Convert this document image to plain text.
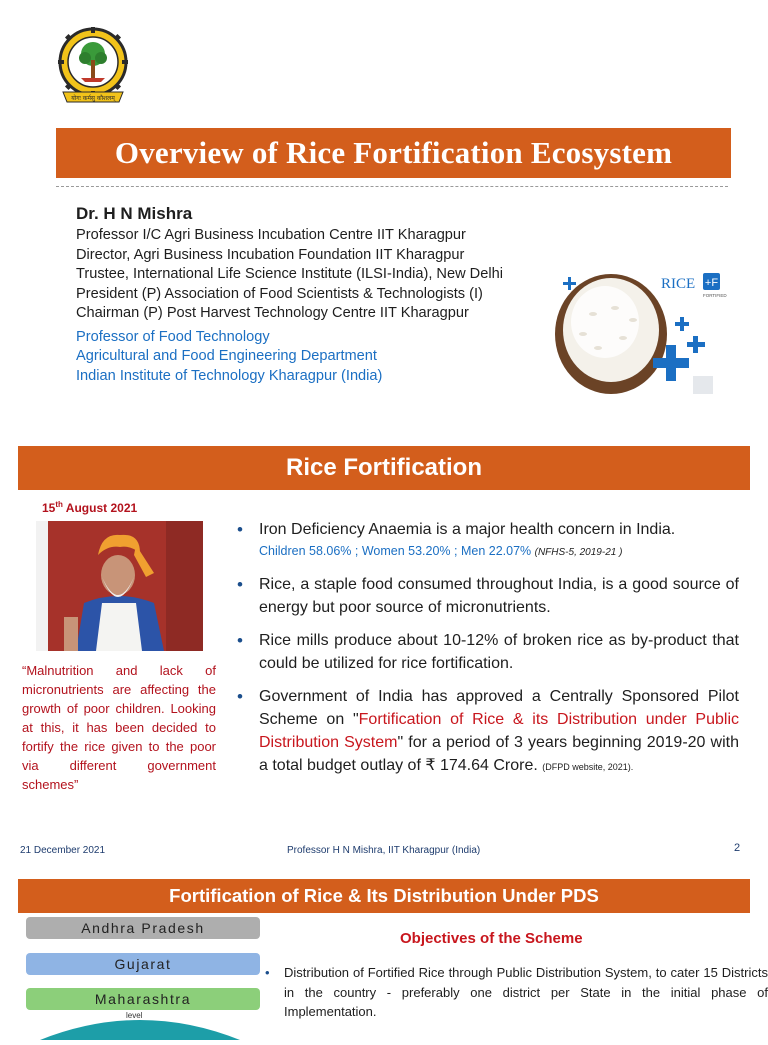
योगः कर्मसु कौशलम्
Overview of Rice Fortification Ecosystem
Dr. H N Mishra
Professor I/C Agri Business Incubation Centre IIT Kharagpur
Director, Agri Business Incubation Foundation IIT Kharagpur
Trustee, International Life Science Institute (ILSI-India), New Delhi
President (P) Association of Food Scientists & Technologists (I)
Chairman (P) Post Harvest Technology Centre IIT Kharagpur
Professor of Food Technology
Agricultural and Food Engineering Department
Indian Institute of Technology Kharagpur (India)
RICE +F
FORTIFIED
Rice Fortification
15th August 2021
“Malnutrition and lack of micronutrients are affecting the growth of poor children. Looking at this, it has been decided to fortify the rice given to the poor via different government schemes”
• Iron Deficiency Anaemia is a major health concern in India.
Children 58.06% ; Women 53.20% ; Men 22.07% (NFHS-5, 2019-21 )
• Rice, a staple food consumed throughout India, is a good source of energy but poor source of micronutrients.
• Rice mills produce about 10-12% of broken rice as by-product that could be utilized for rice fortification.
• Government of India has approved a Centrally Sponsored Pilot Scheme on "Fortification of Rice & its Distribution under Public Distribution System" for a period of 3 years beginning 2019-20 with a total budget outlay of ₹ 174.64 Crore. (DFPD website, 2021).
21 December 2021	Professor H N Mishra, IIT Kharagpur (India)	2
Fortification of Rice & Its Distribution Under PDS
Andhra Pradesh
Gujarat
Maharashtra
level
Objectives of the Scheme
• Distribution of Fortified Rice through Public Distribution System, to cater 15 Districts in the country - preferably one district per State in the initial phase of Implementation.
